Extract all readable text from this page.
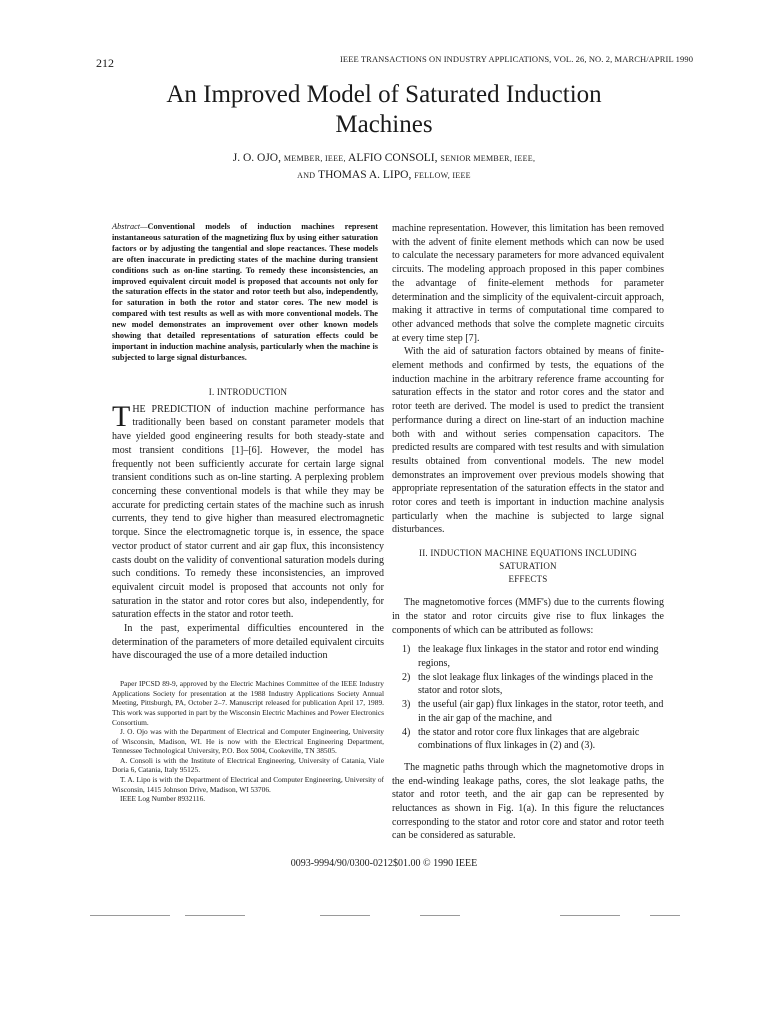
212	IEEE TRANSACTIONS ON INDUSTRY APPLICATIONS, VOL. 26, NO. 2, MARCH/APRIL 1990
An Improved Model of Saturated Induction
Machines
J. O. OJO, MEMBER, IEEE, ALFIO CONSOLI, SENIOR MEMBER, IEEE,
AND THOMAS A. LIPO, FELLOW, IEEE
Abstract—Conventional models of induction machines represent instantaneous saturation of the magnetizing flux by using either saturation factors or by adjusting the tangential and slope reactances. These models are often inaccurate in predicting states of the machine during transient conditions such as on-line starting. To remedy these inconsistencies, an improved equivalent circuit model is proposed that accounts not only for the saturation effects in the stator and rotor teeth but also, independently, for saturation in both the rotor and stator cores. The new model is compared with test results as well as with more conventional models. The new model demonstrates an improvement over other known models showing that detailed representations of saturation effects could be important in induction machine analysis, particularly when the machine is subjected to large signal disturbances.
I. INTRODUCTION

THE PREDICTION of induction machine performance has traditionally been based on constant parameter models that have yielded good engineering results for both steady-state and most transient conditions [1]–[6]. However, the model has frequently not been sufficiently accurate for certain large signal transient conditions such as on-line starting. A perplexing problem concerning these conventional models is that while they may be accurate for predicting certain states of the machine such as inrush currents, they tend to give higher than measured electromagnetic torque. Since the electromagnetic torque is, in essence, the space vector product of stator current and air gap flux, this inconsistency casts doubt on the validity of conventional saturation models during such conditions. To remedy these inconsistencies, an improved equivalent circuit model is proposed that accounts not only for saturation in the stator and rotor cores but also, independently, for saturation effects in the stator and rotor teeth.

In the past, experimental difficulties encountered in the determination of the parameters of more detailed equivalent circuits have discouraged the use of a more detailed induction

Paper IPCSD 89-9, approved by the Electric Machines Committee of the IEEE Industry Applications Society for presentation at the 1988 Industry Applications Society Annual Meeting, Pittsburgh, PA, October 2–7. Manuscript released for publication April 17, 1989. This work was supported in part by the Wisconsin Electric Machines and Power Electronics Consortium.

J. O. Ojo was with the Department of Electrical and Computer Engineering, University of Wisconsin, Madison, WI. He is now with the Electrical Engineering Department, Tennessee Technological University, P.O. Box 5004, Cookeville, TN 38505.

A. Consoli is with the Institute of Electrical Engineering, University of Catania, Viale Doria 6, Catania, Italy 95125.

T. A. Lipo is with the Department of Electrical and Computer Engineering, University of Wisconsin, 1415 Johnson Drive, Madison, WI 53706.

IEEE Log Number 8932116.

machine representation. However, this limitation has been removed with the advent of finite element methods which can now be used to calculate the necessary parameters for more advanced equivalent circuits. The modeling approach proposed in this paper combines the advantage of finite-element methods for parameter determination and the simplicity of the equivalent-circuit approach, making it attractive in terms of computational time compared to other advanced methods that solve the complete magnetic circuits at every time step [7].

With the aid of saturation factors obtained by means of finite-element methods and confirmed by tests, the equations of the induction machine in the arbitrary reference frame accounting for saturation effects in the stator and rotor cores and the stator and rotor teeth are derived. The model is used to predict the transient performance during a direct on line-start of an induction machine both with and without series compensation capacitors. The predicted results are compared with test results and with simulation results obtained from conventional models. The new model demonstrates an improvement over previous models showing that appropriate representation of the saturation effects in the stator and rotor cores and teeth is important in induction machine analysis particularly when the machine is subjected to large signal disturbances.

II. INDUCTION MACHINE EQUATIONS INCLUDING SATURATION
EFFECTS

The magnetomotive forces (MMF's) due to the currents flowing in the stator and rotor circuits give rise to flux linkages the components of which can be attributed as follows:

1) the leakage flux linkages in the stator and rotor end winding regions,
2) the slot leakage flux linkages of the windings placed in the stator and rotor slots,
3) the useful (air gap) flux linkages in the stator, rotor teeth, and in the air gap of the machine, and
4) the stator and rotor core flux linkages that are algebraic combinations of flux linkages in (2) and (3).

The magnetic paths through which the magnetomotive drops in the end-winding leakage paths, cores, the slot leakage paths, the stator and rotor teeth, and the air gap can be represented by reluctances as shown in Fig. 1(a). In this figure the reluctances corresponding to the stator and rotor core and stator and rotor teeth can be considered as saturable.

0093-9994/90/0300-0212$01.00 © 1990 IEEE
